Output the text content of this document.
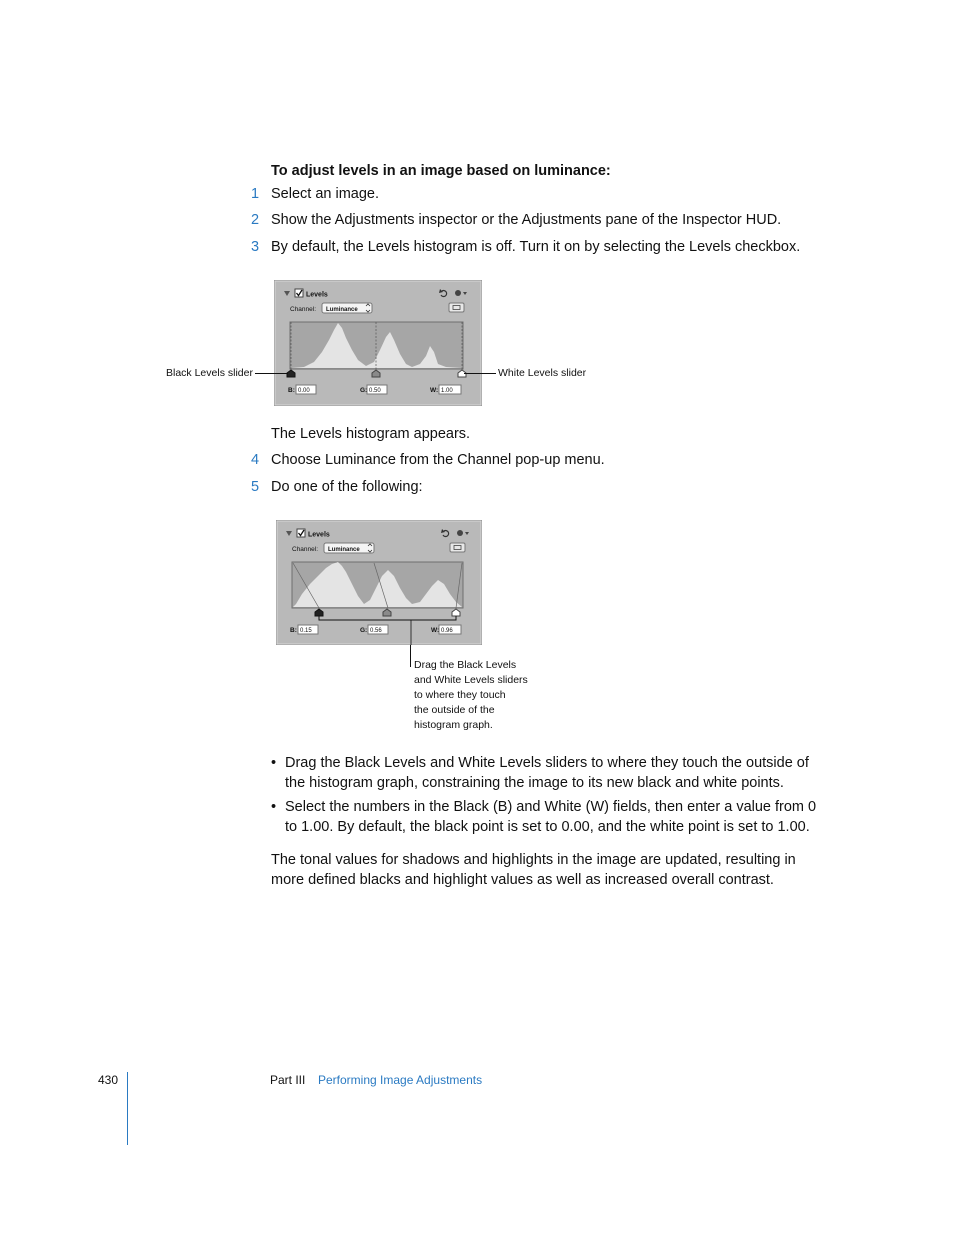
To adjust levels in an image based on luminance:
1 Select an image.
2 Show the Adjustments inspector or the Adjustments pane of the Inspector HUD.
3 By default, the Levels histogram is off. Turn it on by selecting the Levels checkbox.
Levels
Channel: Luminance
B: 0.00	G: 0.50	W: 1.00
Black Levels slider	White Levels slider
The Levels histogram appears.
4 Choose Luminance from the Channel pop-up menu.
5 Do one of the following:
Levels
Channel: Luminance
B: 0.15	G: 0.56	W: 0.96
Drag the Black Levels
and White Levels sliders
to where they touch
the outside of the
histogram graph.
• Drag the Black Levels and White Levels sliders to where they touch the outside of the histogram graph, constraining the image to its new black and white points.
• Select the numbers in the Black (B) and White (W) fields, then enter a value from 0 to 1.00. By default, the black point is set to 0.00, and the white point is set to 1.00.
The tonal values for shadows and highlights in the image are updated, resulting in more defined blacks and highlight values as well as increased overall contrast.
430	Part III Performing Image Adjustments
